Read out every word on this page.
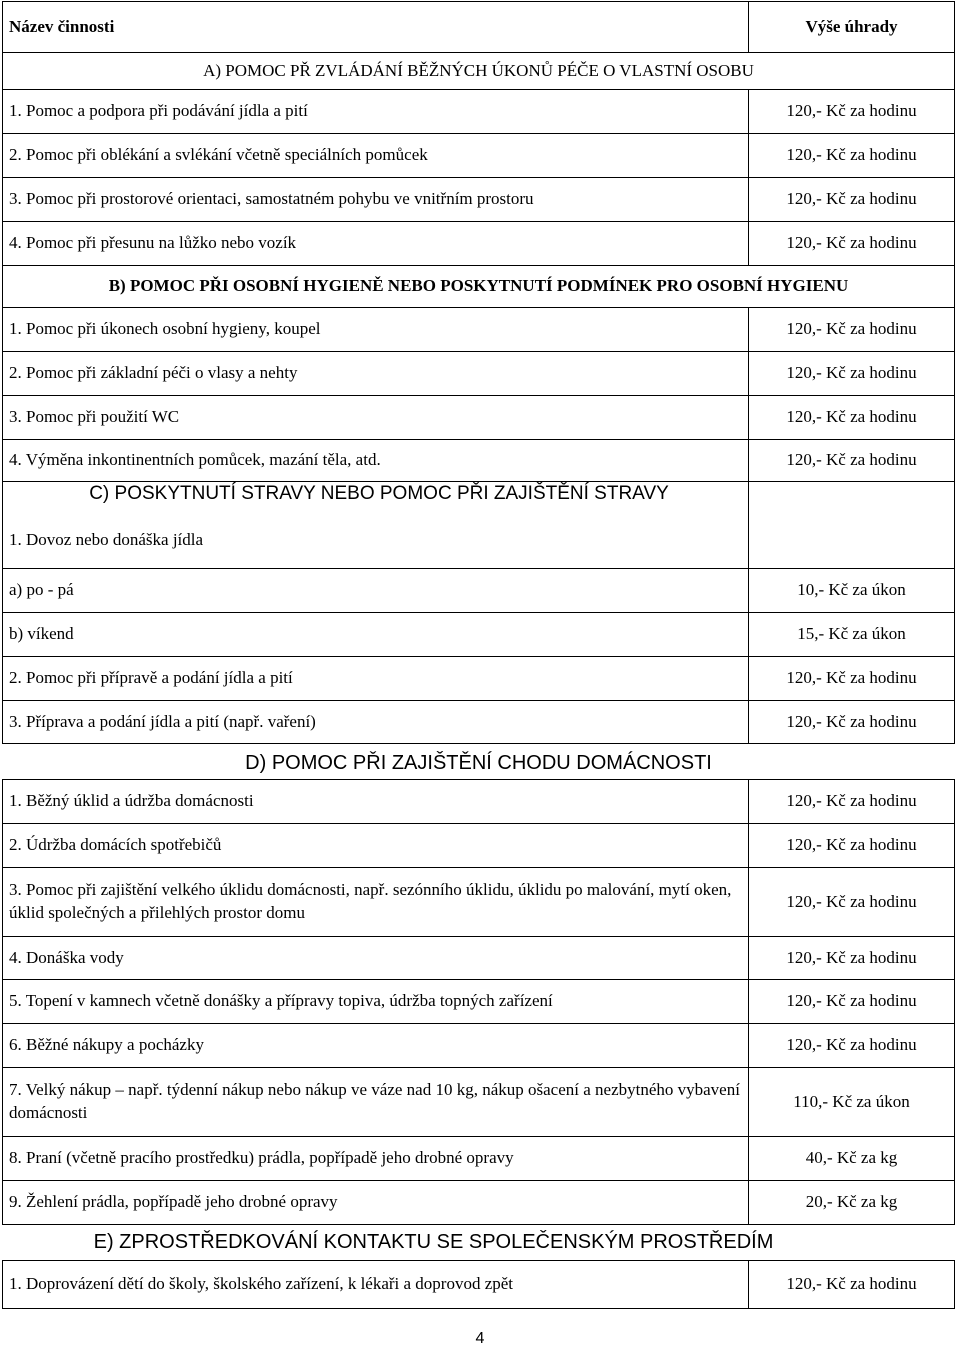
Název činnosti	Výše úhrady
A) POMOC PŘ ZVLÁDÁNÍ BĚŽNÝCH ÚKONŮ PÉČE O VLASTNÍ OSOBU	
1. Pomoc a podpora při podávání jídla a pití	120,- Kč za hodinu
2. Pomoc při oblékání a svlékání včetně speciálních pomůcek	120,- Kč za hodinu
3. Pomoc při prostorové orientaci, samostatném pohybu ve vnitřním prostoru	120,- Kč za hodinu
4. Pomoc při přesunu na lůžko nebo vozík	120,- Kč za hodinu
B) POMOC PŘI OSOBNÍ HYGIENĚ NEBO POSKYTNUTÍ PODMÍNEK PRO OSOBNÍ HYGIENU	
1. Pomoc při úkonech osobní hygieny, koupel	120,- Kč za hodinu
2. Pomoc při základní péči o vlasy a nehty	120,- Kč za hodinu
3. Pomoc při použití WC	120,- Kč za hodinu
4. Výměna inkontinentních pomůcek, mazání těla, atd.	120,- Kč za hodinu

C) POSKYTNUTÍ STRAVY NEBO POMOC PŘI ZAJIŠTĚNÍ STRAVY
1. Dovoz nebo donáška jídla	

a) po - pá	10,- Kč za úkon
b) víkend	15,- Kč za úkon
2. Pomoc při přípravě a podání jídla a pití	120,- Kč za hodinu
3. Příprava a podání jídla a pití (např. vaření)	120,- Kč za hodinu
D) POMOC PŘI ZAJIŠTĚNÍ CHODU DOMÁCNOSTI	
1. Běžný úklid a údržba domácnosti	120,- Kč za hodinu
2. Údržba domácích spotřebičů	120,- Kč za hodinu
3. Pomoc při zajištění velkého úklidu domácnosti, např. sezónního úklidu, úklidu po malování, mytí oken, úklid společných a přilehlých prostor domu	120,- Kč za hodinu
4. Donáška vody	120,- Kč za hodinu
5. Topení v kamnech včetně donášky a přípravy topiva, údržba topných zařízení	120,- Kč za hodinu
6. Běžné nákupy a pocházky	120,- Kč za hodinu
7. Velký nákup – např. týdenní nákup nebo nákup ve váze nad 10 kg, nákup ošacení a nezbytného vybavení domácnosti	110,- Kč za úkon
8. Praní (včetně pracího prostředku) prádla, popřípadě jeho drobné opravy	40,- Kč za kg
9. Žehlení prádla, popřípadě jeho drobné opravy	20,- Kč za kg
E) ZPROSTŘEDKOVÁNÍ KONTAKTU SE SPOLEČENSKÝM PROSTŘEDÍM	
1. Doprovázení dětí do školy, školského zařízení, k lékaři a doprovod zpět	120,- Kč za hodinu
4
